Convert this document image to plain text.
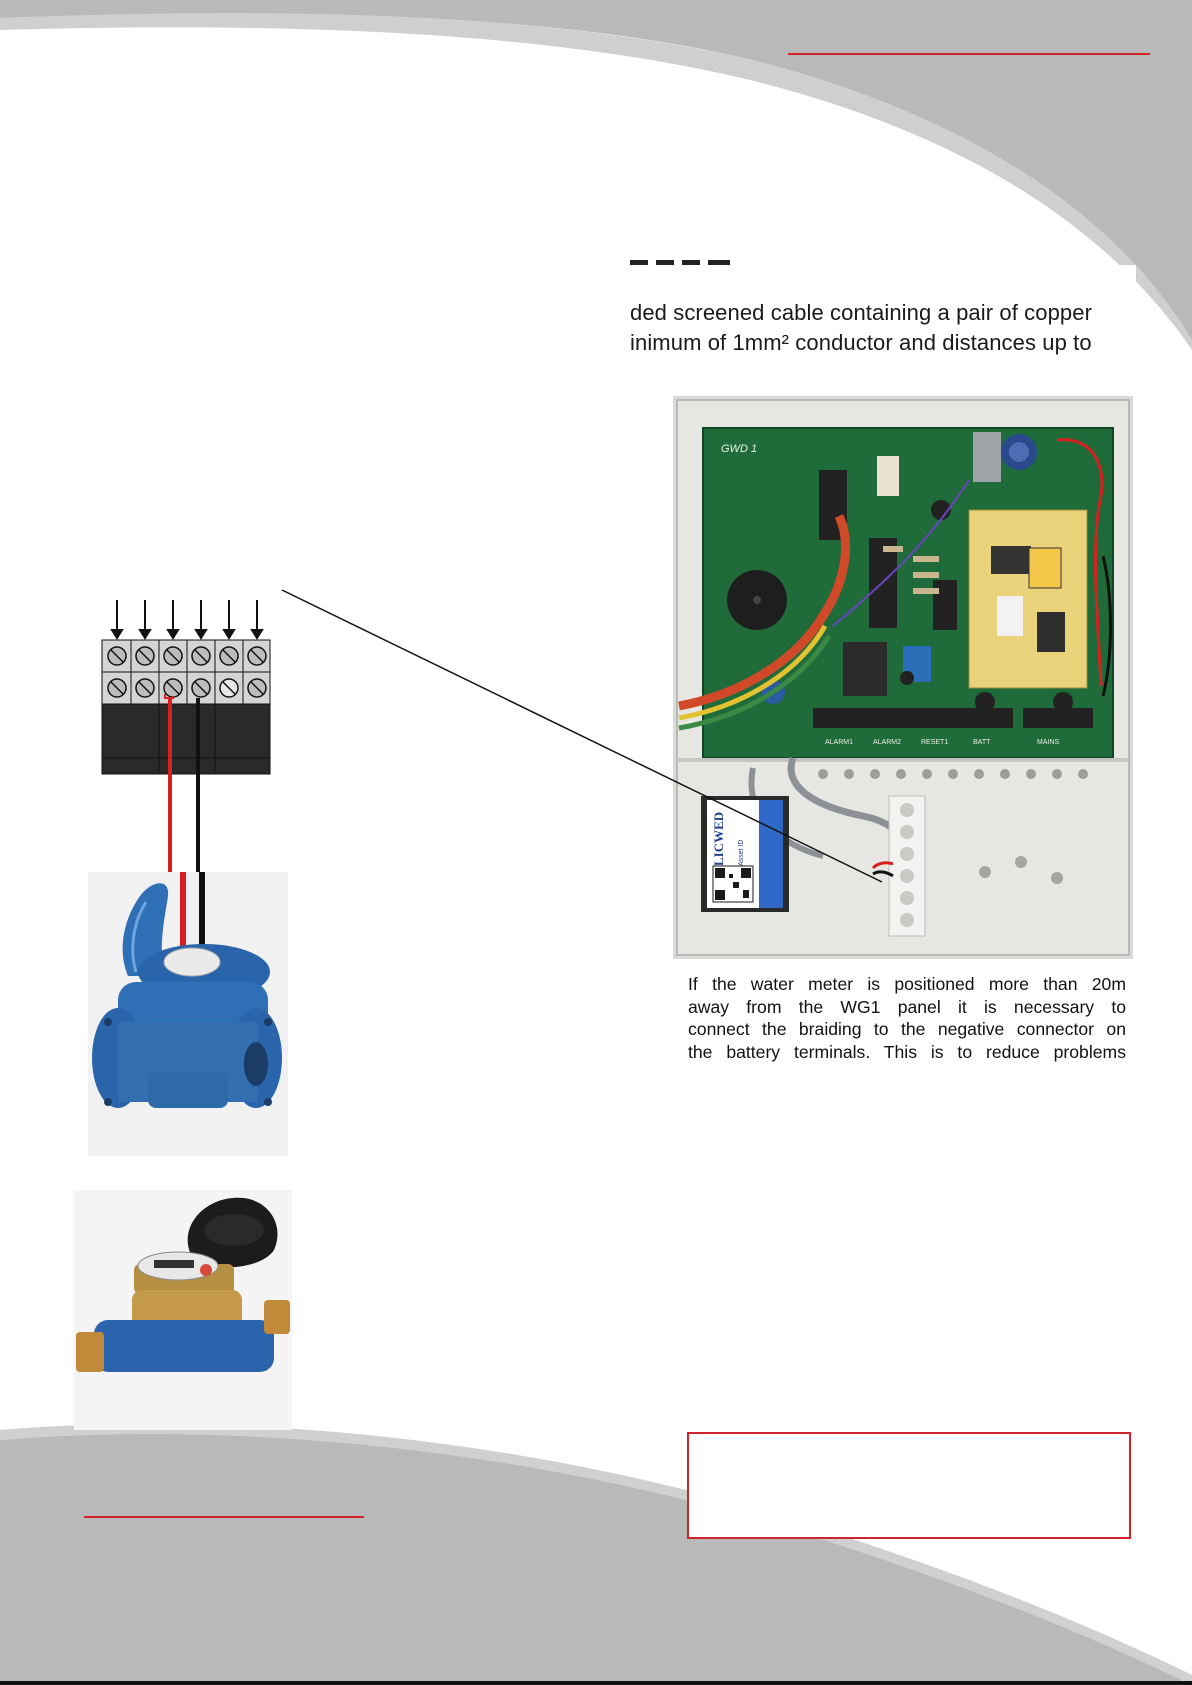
ded screened cable containing a pair of copper
inimum of 1mm² conductor and distances up to
GWD 1
ALARM1	ALARM2	RESET1	BATT	MAINS
LICWED Asset ID
If the water meter is positioned more than 20m
away from the WG1 panel it is necessary to
connect the braiding to the negative connector on
the battery terminals. This is to reduce problems
